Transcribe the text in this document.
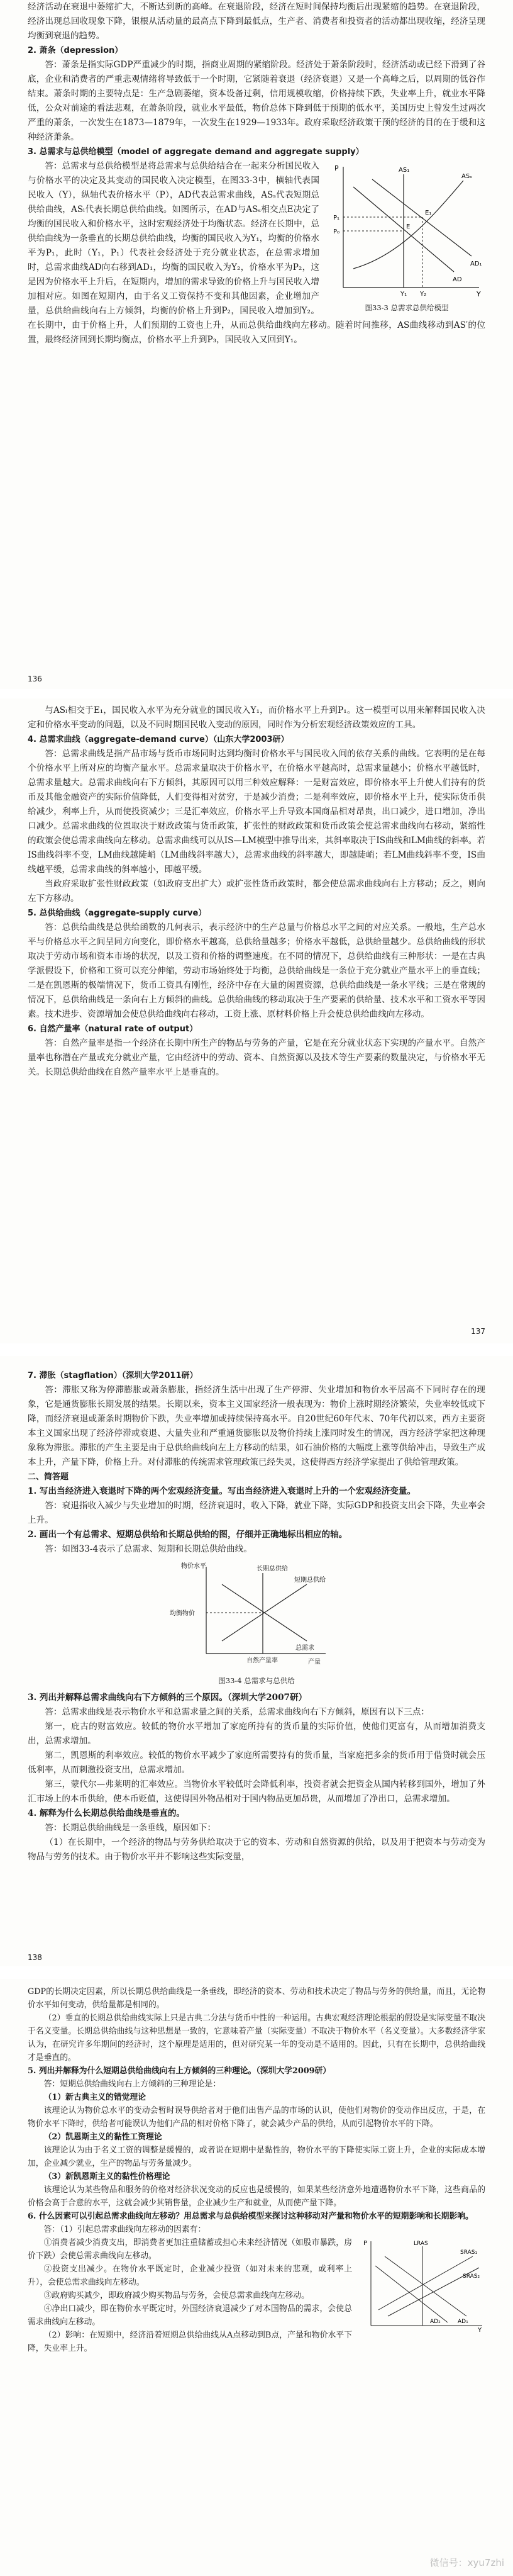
经济活动在衰退中萎缩扩大，不断达到新的高峰。在衰退阶段，经济在短时间保持均衡后出现紧缩的趋势。在衰退阶段，经济出现总回收现象下降，银根从活动量的最高点下降到最低点，生产者、消费者和投资者的活动都出现收缩，经济呈现均衡到衰退的趋势。

2. 萧条（depression）

答：萧条是指实际GDP严重减少的时期，指商业周期的紧缩阶段。经济处于萧条阶段时，经济活动或已经下滑到了谷底，企业和消费者的严重悲观情绪将导致低于一个时期，它紧随着衰退（经济衰退）又是一个高峰之后，以周期的低谷作结束。萧条时期的主要特点是：生产急剧萎缩，资本设备过剩，信用规模收缩，价格持续下跌，失业率上升，就业水平降低，公众对前途的看法悲观，在萧条阶段，就业水平最低，物价总体下降到低于预期的低水平，美国历史上曾发生过两次严重的萧条，一次发生在1873—1879年，一次发生在1929—1933年。政府采取经济政策干预的经济的目的在于缓和这种经济萧条。

3. 总需求与总供给模型（model of aggregate demand and aggregate supply）

P
Y
AS₁
ASₛ
AD
AD₁
P₀
P₁
Y₁ Y₂
E
E₁
图33-3 总需求总供给模型

答：总需求与总供给模型是将总需求与总供给结合在一起来分析国民收入与价格水平的决定及其变动的国民收入决定模型，在图33-3中，横轴代表国民收入（Y），纵轴代表价格水平（P），AD代表总需求曲线，ASₛ代表短期总供给曲线，ASₗ代表长期总供给曲线。如图所示，在AD与ASₛ相交点E决定了均衡的国民收入和价格水平，这时宏观经济处于均衡状态。经济在长期中，总供给曲线为一条垂直的长期总供给曲线，均衡的国民收入为Y₁，均衡的价格水平为P₁，此时（Y₁，P₁）代表社会经济处于充分就业状态，在总需求增加时，总需求曲线AD向右移到AD₁，均衡的国民收入为Y₂，价格水平为P₂，这是因为价格水平上升后，在短期内，增加的需求导致的价格上升与国民收入增加相对应。如图在短期内，由于名义工资保持不变和其他因素，企业增加产量，总供给曲线向右上方倾斜，均衡的价格上升到P₂，国民收入增加到Y₂。在长期中，由于价格上升，人们预期的工资也上升，从而总供给曲线向左移动。随着时间推移，AS曲线移动到AS′的位置，最终经济回到长期均衡点，价格水平上升到P₃，国民收入又回到Y₁。

136

与ASₗ相交于E₁，国民收入水平为充分就业的国民收入Y₁，而价格水平上升到P₁。这一模型可以用来解释国民收入决定和价格水平变动的问题，以及不同时期国民收入变动的原因，同时作为分析宏观经济政策效应的工具。

4. 总需求曲线（aggregate-demand curve）（山东大学2003研）

答：总需求曲线是指产品市场与货币市场同时达到均衡时价格水平与国民收入间的依存关系的曲线。它表明的是在每个价格水平上所对应的均衡产量水平。总需求量取决于价格水平，在价格水平越高时，总需求量越小；价格水平越低时，总需求量越大。总需求曲线向右下方倾斜，其原因可以用三种效应解释：一是财富效应，即价格水平上升使人们持有的货币及其他金融资产的实际价值降低，人们变得相对贫穷，于是减少消费；二是利率效应，即价格水平上升，使实际货币供给减少，利率上升，从而使投资减少；三是汇率效应，价格水平上升导致本国商品相对昂贵，出口减少，进口增加，净出口减少。总需求曲线的位置取决于财政政策与货币政策，扩张性的财政政策和货币政策会使总需求曲线向右移动，紧缩性的政策会使总需求曲线向左移动。总需求曲线可以从IS—LM模型中推导出来，其斜率取决于IS曲线和LM曲线的斜率。若IS曲线斜率不变，LM曲线越陡峭（LM曲线斜率越大），总需求曲线的斜率越大，即越陡峭；若LM曲线斜率不变，IS曲线越平缓，总需求曲线的斜率越小，即越平缓。

当政府采取扩张性财政政策（如政府支出扩大）或扩张性货币政策时，都会使总需求曲线向右上方移动；反之，则向左下方移动。

5. 总供给曲线（aggregate-supply curve）

答：总供给曲线是总供给函数的几何表示，表示经济中的生产总量与价格总水平之间的对应关系。一般地，生产总水平与价格总水平之间呈同方向变化，即价格水平越高，总供给量越多；价格水平越低，总供给量越少。总供给曲线的形状取决于劳动市场和资本市场的状况，以及工资和价格的调整速度。在不同的情况下，总供给曲线有三种形状：一是在古典学派假设下，价格和工资可以充分伸缩，劳动市场始终处于均衡，总供给曲线是一条位于充分就业产量水平上的垂直线；二是在凯恩斯的极端情况下，货币工资具有刚性，经济中存在大量的闲置资源，总供给曲线是一条水平线；三是在常规的情况下，总供给曲线是一条向右上方倾斜的曲线。总供给曲线的移动取决于生产要素的供给量、技术水平和工资水平等因素。技术进步、资源增加会使总供给曲线向右移动，工资上涨、原材料价格上升会使总供给曲线向左移动。

6. 自然产量率（natural rate of output）

答：自然产量率是指一个经济在长期中所生产的物品与劳务的产量，它是在充分就业状态下实现的产量水平。自然产量率也称潜在产量或充分就业产量，它由经济中的劳动、资本、自然资源以及技术等生产要素的数量决定，与价格水平无关。长期总供给曲线在自然产量率水平上是垂直的。

137

7. 滞胀（stagflation）（深圳大学2011研）

答：滞胀又称为停滞膨胀或萧条膨胀，指经济生活中出现了生产停滞、失业增加和物价水平居高不下同时存在的现象，它是通货膨胀长期发展的结果。长期以来，资本主义国家经济一般表现为：物价上涨时期经济繁荣，失业率较低或下降，而经济衰退或萧条时期物价下跌，失业率增加或持续保持高水平。自20世纪60年代末、70年代初以来，西方主要资本主义国家出现了经济停滞或衰退、大量失业和严重通货膨胀以及物价持续上涨同时发生的情况，西方经济学家把这种现象称为滞胀。滞胀的产生主要是由于总供给曲线向左上方移动的结果，如石油价格的大幅度上涨等供给冲击，导致生产成本上升，产量下降，价格上升。对付滞胀的传统需求管理政策已经失灵，这使得西方经济学家提出了供给管理政策。

二、简答题

1. 写出当经济进入衰退时下降的两个宏观经济变量。写出当经济进入衰退时上升的一个宏观经济变量。

答：衰退指收入减少与失业增加的时期，经济衰退时，收入下降，就业下降，实际GDP和投资支出会下降，失业率会上升。

2. 画出一个有总需求、短期总供给和长期总供给的图，仔细并正确地标出相应的轴。

答：如图33-4表示了总需求、短期和长期总供给曲线。

物价水平
产量
长期总供给
短期总供给
总需求
均衡物价
自然产量率
图33-4 总需求与总供给

3. 列出并解释总需求曲线向右下方倾斜的三个原因。（深圳大学2007研）

答：总需求曲线是表示物价水平和总需求量之间的关系，总需求曲线向右下方倾斜，原因有以下三点：

第一，庇古的财富效应。较低的物价水平增加了家庭所持有的货币量的实际价值，使他们更富有，从而增加消费支出，总需求增加。

第二，凯恩斯的利率效应。较低的物价水平减少了家庭所需要持有的货币量，当家庭把多余的货币用于借贷时就会压低利率，从而刺激投资支出，总需求增加。

第三，蒙代尔—弗莱明的汇率效应。当物价水平较低时会降低利率，投资者就会把资金从国内转移到国外，增加了外汇市场上的本币供给，使本币贬值，这使得国外物品相对于国内物品更加昂贵，从而增加了净出口，总需求增加。

4. 解释为什么长期总供给曲线是垂直的。

答：长期总供给曲线是一条垂线，原因如下：

（1）在长期中，一个经济的物品与劳务供给取决于它的资本、劳动和自然资源的供给，以及用于把资本与劳动变为物品与劳务的技术。由于物价水平并不影响这些实际变量，

138

GDP的长期决定因素，所以长期总供给曲线是一条垂线，即经济的资本、劳动和技术决定了物品与劳务的供给量，而且，无论物价水平如何变动，供给量都是相同的。

（2）垂直的长期总供给曲线实际上只是古典二分法与货币中性的一种运用。古典宏观经济理论根据的假设是实际变量不取决于名义变量。长期总供给曲线与这种思想是一致的，它意味着产量（实际变量）不取决于物价水平（名义变量）。大多数经济学家认为，在研究许多年期间的经济时，这个原理是适用的，但对研究某一年的变动是不适用的。因此，只有在长期中，总供给曲线才是垂直的。

5. 列出并解释为什么短期总供给曲线向右上方倾斜的三种理论。（深圳大学2009研）

答：短期总供给曲线向右上方倾斜的三种理论是：

（1）新古典主义的错觉理论

该理论认为物价总水平的变动会暂时误导供给者对于他们出售产品的市场的认识，使他们对物价的变动作出反应，于是，在物价水平下降时，供给者可能误认为他们产品的相对价格下降了，就会减少产品的供给，从而引起物价水平的下降。

（2）凯恩斯主义的黏性工资理论

该理论认为由于名义工资的调整是缓慢的，或者说在短期中是黏性的，物价水平的下降使实际工资上升，企业的实际成本增加，企业减少就业，生产的物品与劳务量减少。

（3）新凯恩斯主义的黏性价格理论

该理论认为某些物品和服务的价格对经济状况变动的反应也是缓慢的，如果某些经济意外地遭遇物价水平下降，这些商品的价格会高于合意的水平，这就会减少其销售量，企业减少生产和就业，从而使产量下降。

6. 什么因素可以引起总需求曲线向左移动？用总需求与总供给模型来探讨这种移动对产量和物价水平的短期影响和长期影响。

答：（1）引起总需求曲线向左移动的因素有：

P
Y
LRAS
SRAS₁
SRAS₂
AD₁
AD₂

①消费者减少消费支出，即消费者更加注重储蓄或担心未来经济情况（如股市暴跌，房价下跌）会使总需求曲线向左移动。

②投资支出减少。在物价水平既定时，企业减少投资（如对未来的悲观，或利率上升），会使总需求曲线向左移动。

③政府购买减少，即政府减少购买物品与劳务，会使总需求曲线向左移动。

④净出口减少，即在物价水平既定时，外国经济衰退减少了对本国物品的需求，会使总需求曲线向左移动。

（2）影响：在短期中，经济沿着短期总供给曲线从A点移动到B点，产量和物价水平下降，失业率上升。

微信号：xyu7zhi
